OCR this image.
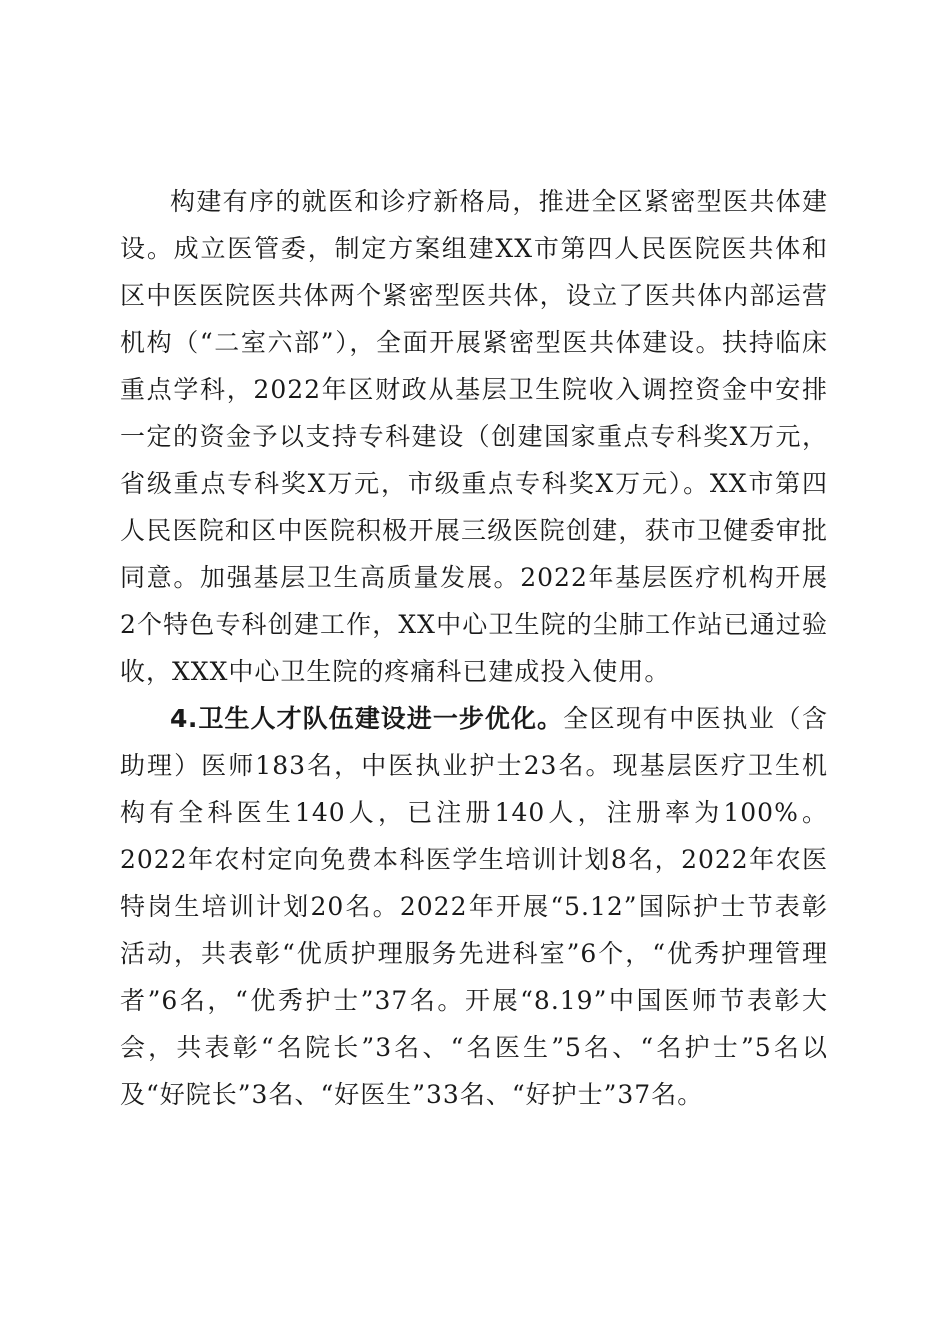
构建有序的就医和诊疗新格局，推进全区紧密型医共体建设。成立医管委，制定方案组建XX市第四人民医院医共体和区中医医院医共体两个紧密型医共体，设立了医共体内部运营机构（“二室六部”），全面开展紧密型医共体建设。扶持临床重点学科，2022年区财政从基层卫生院收入调控资金中安排一定的资金予以支持专科建设（创建国家重点专科奖X万元，省级重点专科奖X万元，市级重点专科奖X万元）。XX市第四人民医院和区中医院积极开展三级医院创建，获市卫健委审批同意。加强基层卫生高质量发展。2022年基层医疗机构开展2个特色专科创建工作，XX中心卫生院的尘肺工作站已通过验收，XXX中心卫生院的疼痛科已建成投入使用。

4.卫生人才队伍建设进一步优化。全区现有中医执业（含助理）医师183名，中医执业护士23名。现基层医疗卫生机构有全科医生140人，已注册140人，注册率为100%。2022年农村定向免费本科医学生培训计划8名，2022年农医特岗生培训计划20名。2022年开展“5.12”国际护士节表彰活动，共表彰“优质护理服务先进科室”6个，“优秀护理管理者”6名，“优秀护士”37名。开展“8.19”中国医师节表彰大会，共表彰“名院长”3名、“名医生”5名、“名护士”5名以及“好院长”3名、“好医生”33名、“好护士”37名。
